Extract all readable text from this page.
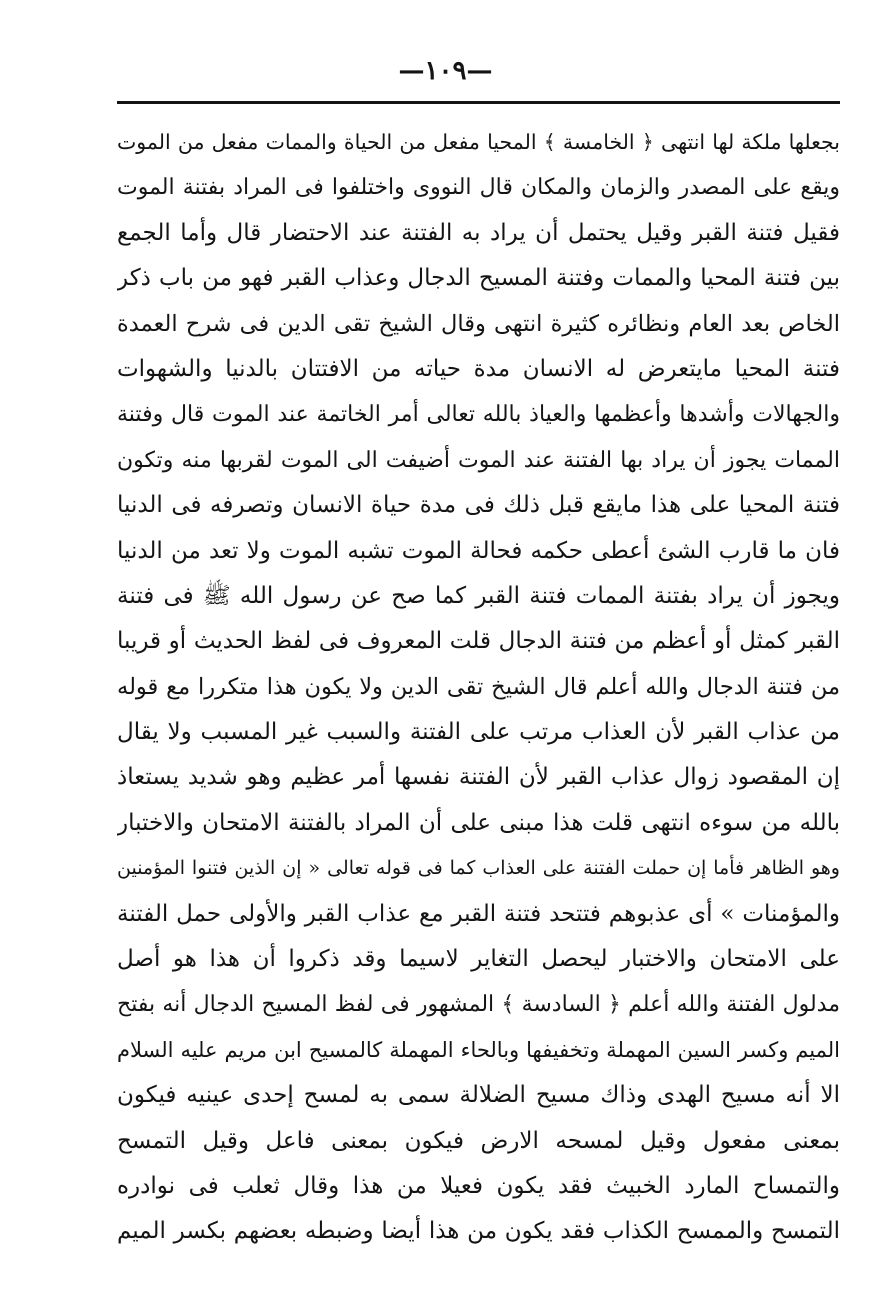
—١٠٩—
بجعلها ملكة لها انتهى ﴿ الخامسة ﴾ المحيا مفعل من الحياة والممات مفعل من الموت
ويقع على المصدر والزمان والمكان قال النووى واختلفوا فى المراد بفتنة الموت
فقيل فتنة القبر وقيل يحتمل أن يراد به الفتنة عند الاحتضار قال وأما الجمع
بين فتنة المحيا والممات وفتنة المسيح الدجال وعذاب القبر فهو من باب ذكر
الخاص بعد العام ونظائره كثيرة انتهى وقال الشيخ تقى الدين فى شرح العمدة
فتنة المحيا مايتعرض له الانسان مدة حياته من الافتتان بالدنيا والشهوات
والجهالات وأشدها وأعظمها والعياذ بالله تعالى أمر الخاتمة عند الموت قال وفتنة
الممات يجوز أن يراد بها الفتنة عند الموت أضيفت الى الموت لقربها منه وتكون
فتنة المحيا على هذا مايقع قبل ذلك فى مدة حياة الانسان وتصرفه فى الدنيا
فان ما قارب الشئ أعطى حكمه فحالة الموت تشبه الموت ولا تعد من الدنيا
ويجوز أن يراد بفتنة الممات فتنة القبر كما صح عن رسول الله ﷺ فى فتنة
القبر كمثل أو أعظم من فتنة الدجال قلت المعروف فى لفظ الحديث أو قريبا
من فتنة الدجال والله أعلم قال الشيخ تقى الدين ولا يكون هذا متكررا مع قوله
من عذاب القبر لأن العذاب مرتب على الفتنة والسبب غير المسبب ولا يقال
إن المقصود زوال عذاب القبر لأن الفتنة نفسها أمر عظيم وهو شديد يستعاذ
بالله من سوءه انتهى قلت هذا مبنى على أن المراد بالفتنة الامتحان والاختبار
وهو الظاهر فأما إن حملت الفتنة على العذاب كما فى قوله تعالى « إن الذين فتنوا المؤمنين
والمؤمنات » أى عذبوهم فتتحد فتنة القبر مع عذاب القبر والأولى حمل الفتنة
على الامتحان والاختبار ليحصل التغاير لاسيما وقد ذكروا أن هذا هو أصل
مدلول الفتنة والله أعلم ﴿ السادسة ﴾ المشهور فى لفظ المسيح الدجال أنه بفتح
الميم وكسر السين المهملة وتخفيفها وبالحاء المهملة كالمسيح ابن مريم عليه السلام
الا أنه مسيح الهدى وذاك مسيح الضلالة سمى به لمسح إحدى عينيه فيكون
بمعنى مفعول وقيل لمسحه الارض فيكون بمعنى فاعل وقيل التمسح
والتمساح المارد الخبيث فقد يكون فعيلا من هذا وقال ثعلب فى نوادره
التمسح والممسح الكذاب فقد يكون من هذا أيضا وضبطه بعضهم بكسر الميم
